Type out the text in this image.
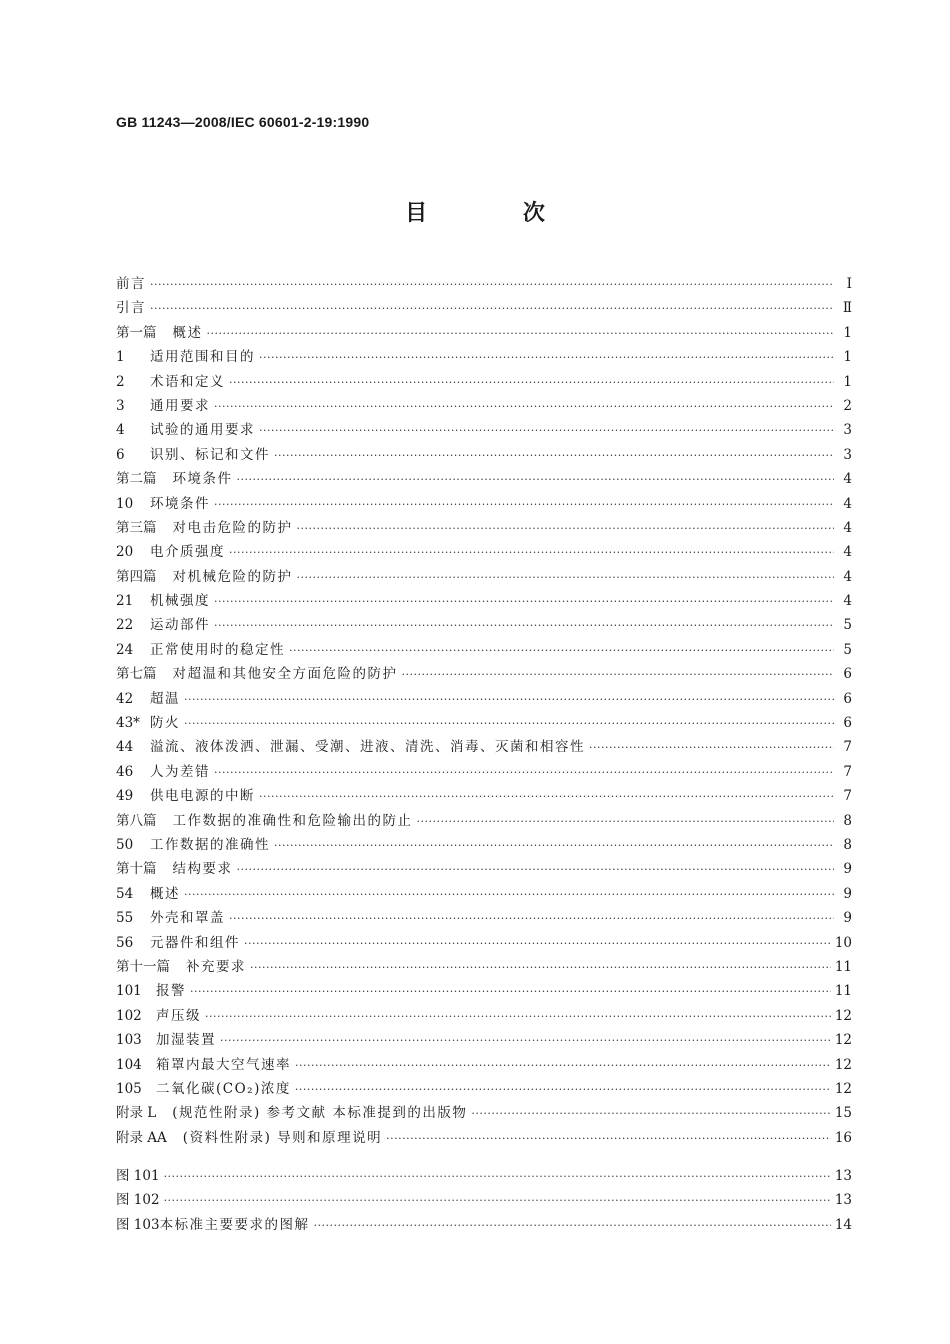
GB 11243—2008/IEC 60601-2-19:1990
目 次
前言 ·····	Ⅰ
引言 ·····	Ⅱ
第一篇 概述 ·····	1
1	适用范围和目的 ·····	1
2	术语和定义 ·····	1
3	通用要求 ·····	2
4	试验的通用要求 ·····	3
6	识别、标记和文件 ·····	3
第二篇 环境条件 ·····	4
10	环境条件 ·····	4
第三篇 对电击危险的防护 ·····	4
20	电介质强度 ·····	4
第四篇 对机械危险的防护 ·····	4
21	机械强度 ·····	4
22	运动部件 ·····	5
24	正常使用时的稳定性 ·····	5
第七篇 对超温和其他安全方面危险的防护 ·····	6
42	超温 ·····	6
43* 防火 ·····	6
44	溢流、液体泼洒、泄漏、受潮、进液、清洗、消毒、灭菌和相容性 ·····	7
46	人为差错 ·····	7
49	供电电源的中断 ·····	7
第八篇 工作数据的准确性和危险输出的防止 ·····	8
50	工作数据的准确性 ·····	8
第十篇 结构要求 ·····	9
54	概述 ·····	9
55	外壳和罩盖 ·····	9
56	元器件和组件 ·····	10
第十一篇 补充要求 ·····	11
101	报警 ·····	11
102	声压级 ·····	12
103	加湿装置 ·····	12
104	箱罩内最大空气速率 ·····	12
105	二氧化碳(CO₂)浓度 ·····	12
附录 L (规范性附录) 参考文献 本标准提到的出版物 ·····	15
附录 AA (资料性附录) 导则和原理说明 ·····	16
图 101 ·····	13
图 102 ·····	13
图 103 本标准主要要求的图解 ·····	14
